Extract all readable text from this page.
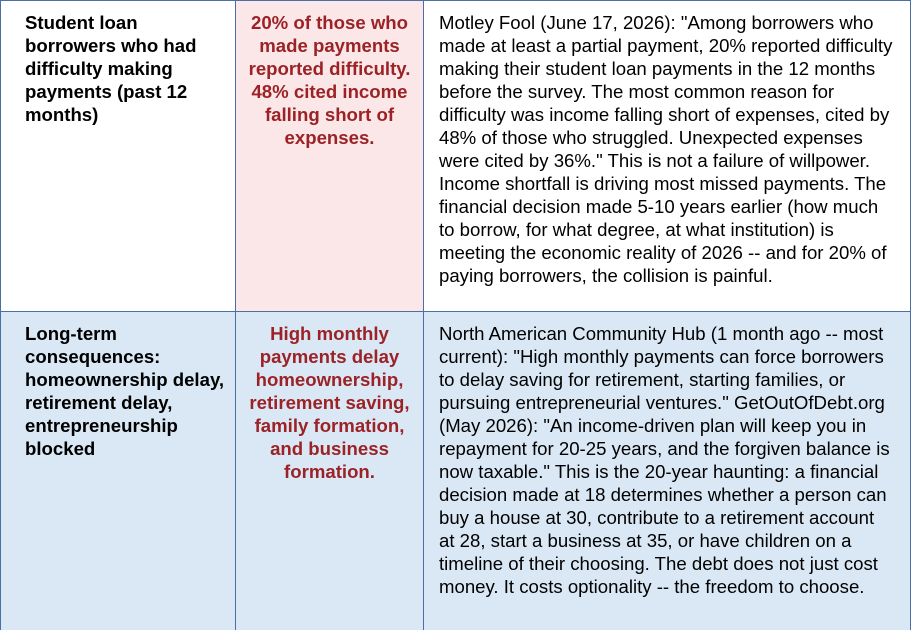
Student loan borrowers who had difficulty making payments (past 12 months)	20% of those who made payments reported difficulty. 48% cited income falling short of expenses.	Motley Fool (June 17, 2026): "Among borrowers who made at least a partial payment, 20% reported difficulty making their student loan payments in the 12 months before the survey. The most common reason for difficulty was income falling short of expenses, cited by 48% of those who struggled. Unexpected expenses were cited by 36%." This is not a failure of willpower. Income shortfall is driving most missed payments. The financial decision made 5-10 years earlier (how much to borrow, for what degree, at what institution) is meeting the economic reality of 2026 -- and for 20% of paying borrowers, the collision is painful.
Long-term consequences: homeownership delay, retirement delay, entrepreneurship blocked	High monthly payments delay homeownership, retirement saving, family formation, and business formation.	North American Community Hub (1 month ago -- most current): "High monthly payments can force borrowers to delay saving for retirement, starting families, or pursuing entrepreneurial ventures." GetOutOfDebt.org (May 2026): "An income-driven plan will keep you in repayment for 20-25 years, and the forgiven balance is now taxable." This is the 20-year haunting: a financial decision made at 18 determines whether a person can buy a house at 30, contribute to a retirement account at 28, start a business at 35, or have children on a timeline of their choosing. The debt does not just cost money. It costs optionality -- the freedom to choose.
